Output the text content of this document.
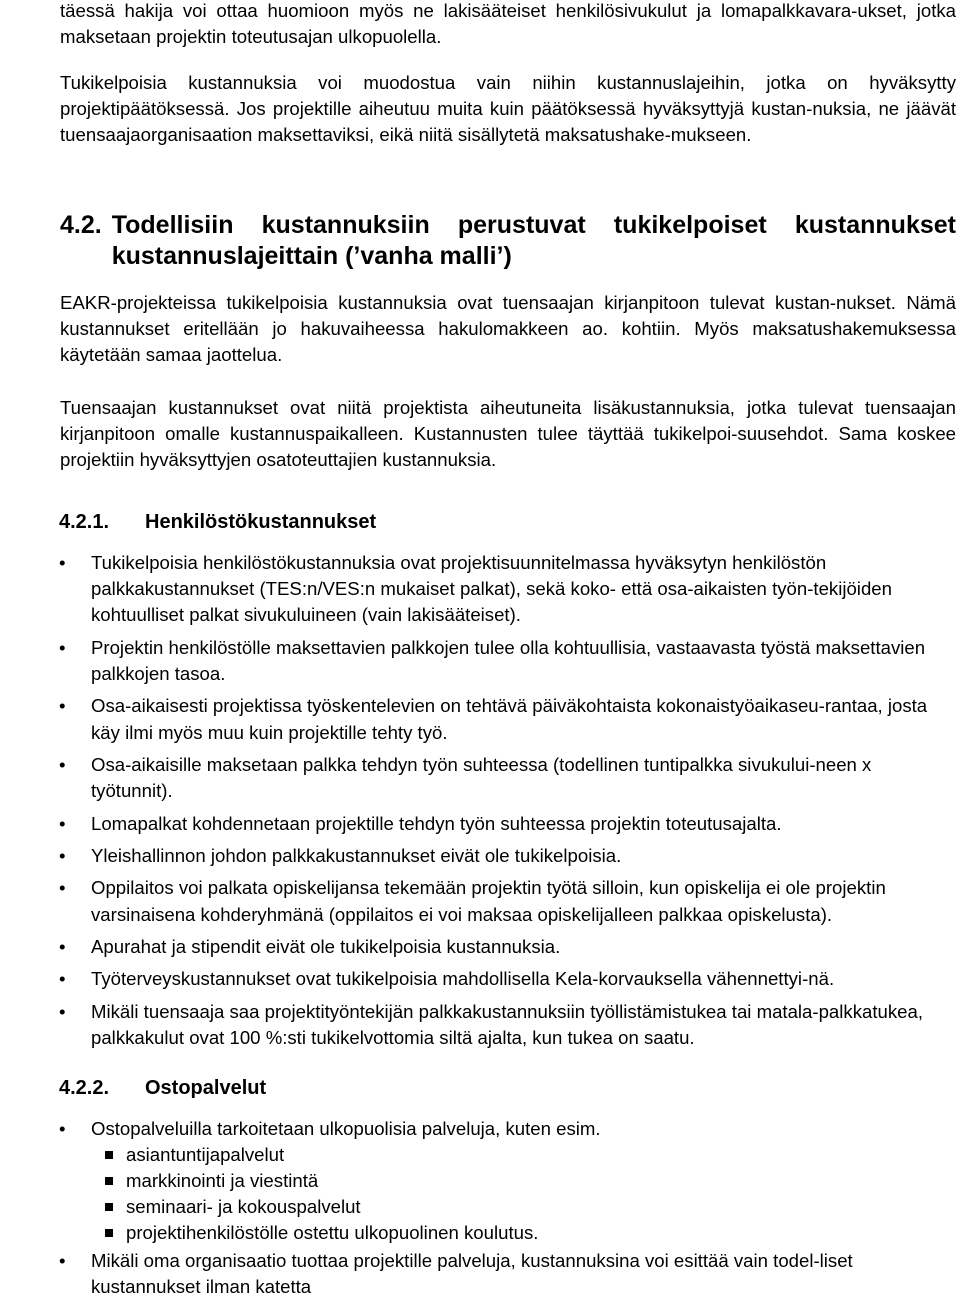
täessä hakija voi ottaa huomioon myös ne lakisääteiset henkilösivukulut ja lomapalkkavara-ukset, jotka maksetaan projektin toteutusajan ulkopuolella.

Tukikelpoisia kustannuksia voi muodostua vain niihin kustannuslajeihin, jotka on hyväksytty projektipäätöksessä. Jos projektille aiheutuu muita kuin päätöksessä hyväksyttyjä kustan-nuksia, ne jäävät tuensaajaorganisaation maksettaviksi, eikä niitä sisällytetä maksatushake-mukseen.

4.2. Todellisiin kustannuksiin perustuvat tukikelpoiset kustannukset kustannuslajeittain (’vanha malli’)

EAKR-projekteissa tukikelpoisia kustannuksia ovat tuensaajan kirjanpitoon tulevat kustan-nukset. Nämä kustannukset eritellään jo hakuvaiheessa hakulomakkeen ao. kohtiin. Myös maksatushakemuksessa käytetään samaa jaottelua.

Tuensaajan kustannukset ovat niitä projektista aiheutuneita lisäkustannuksia, jotka tulevat tuensaajan kirjanpitoon omalle kustannuspaikalleen. Kustannusten tulee täyttää tukikelpoi-suusehdot. Sama koskee projektiin hyväksyttyjen osatoteuttajien kustannuksia.

4.2.1.	Henkilöstökustannukset
• Tukikelpoisia henkilöstökustannuksia ovat projektisuunnitelmassa hyväksytyn henkilöstön palkkakustannukset (TES:n/VES:n mukaiset palkat), sekä koko- että osa-aikaisten työn-tekijöiden kohtuulliset palkat sivukuluineen (vain lakisääteiset).
• Projektin henkilöstölle maksettavien palkkojen tulee olla kohtuullisia, vastaavasta työstä maksettavien palkkojen tasoa.
• Osa-aikaisesti projektissa työskentelevien on tehtävä päiväkohtaista kokonaistyöaikaseu-rantaa, josta käy ilmi myös muu kuin projektille tehty työ.
• Osa-aikaisille maksetaan palkka tehdyn työn suhteessa (todellinen tuntipalkka sivukului-neen x työtunnit).
• Lomapalkat kohdennetaan projektille tehdyn työn suhteessa projektin toteutusajalta.
• Yleishallinnon johdon palkkakustannukset eivät ole tukikelpoisia.
• Oppilaitos voi palkata opiskelijansa tekemään projektin työtä silloin, kun opiskelija ei ole projektin varsinaisena kohderyhmänä (oppilaitos ei voi maksaa opiskelijalleen palkkaa opiskelusta).
• Apurahat ja stipendit eivät ole tukikelpoisia kustannuksia.
• Työterveyskustannukset ovat tukikelpoisia mahdollisella Kela-korvauksella vähennettyi-nä.
• Mikäli tuensaaja saa projektityöntekijän palkkakustannuksiin työllistämistukea tai matala-palkkatukea, palkkakulut ovat 100 %:sti tukikelvottomia siltä ajalta, kun tukea on saatu.
4.2.2.	Ostopalvelut
• Ostopalveluilla tarkoitetaan ulkopuolisia palveluja, kuten esim.
asiantuntijapalvelut
markkinointi ja viestintä
seminaari- ja kokouspalvelut
projektihenkilöstölle ostettu ulkopuolinen koulutus.
• Mikäli oma organisaatio tuottaa projektille palveluja, kustannuksina voi esittää vain todel-liset kustannukset ilman katetta
